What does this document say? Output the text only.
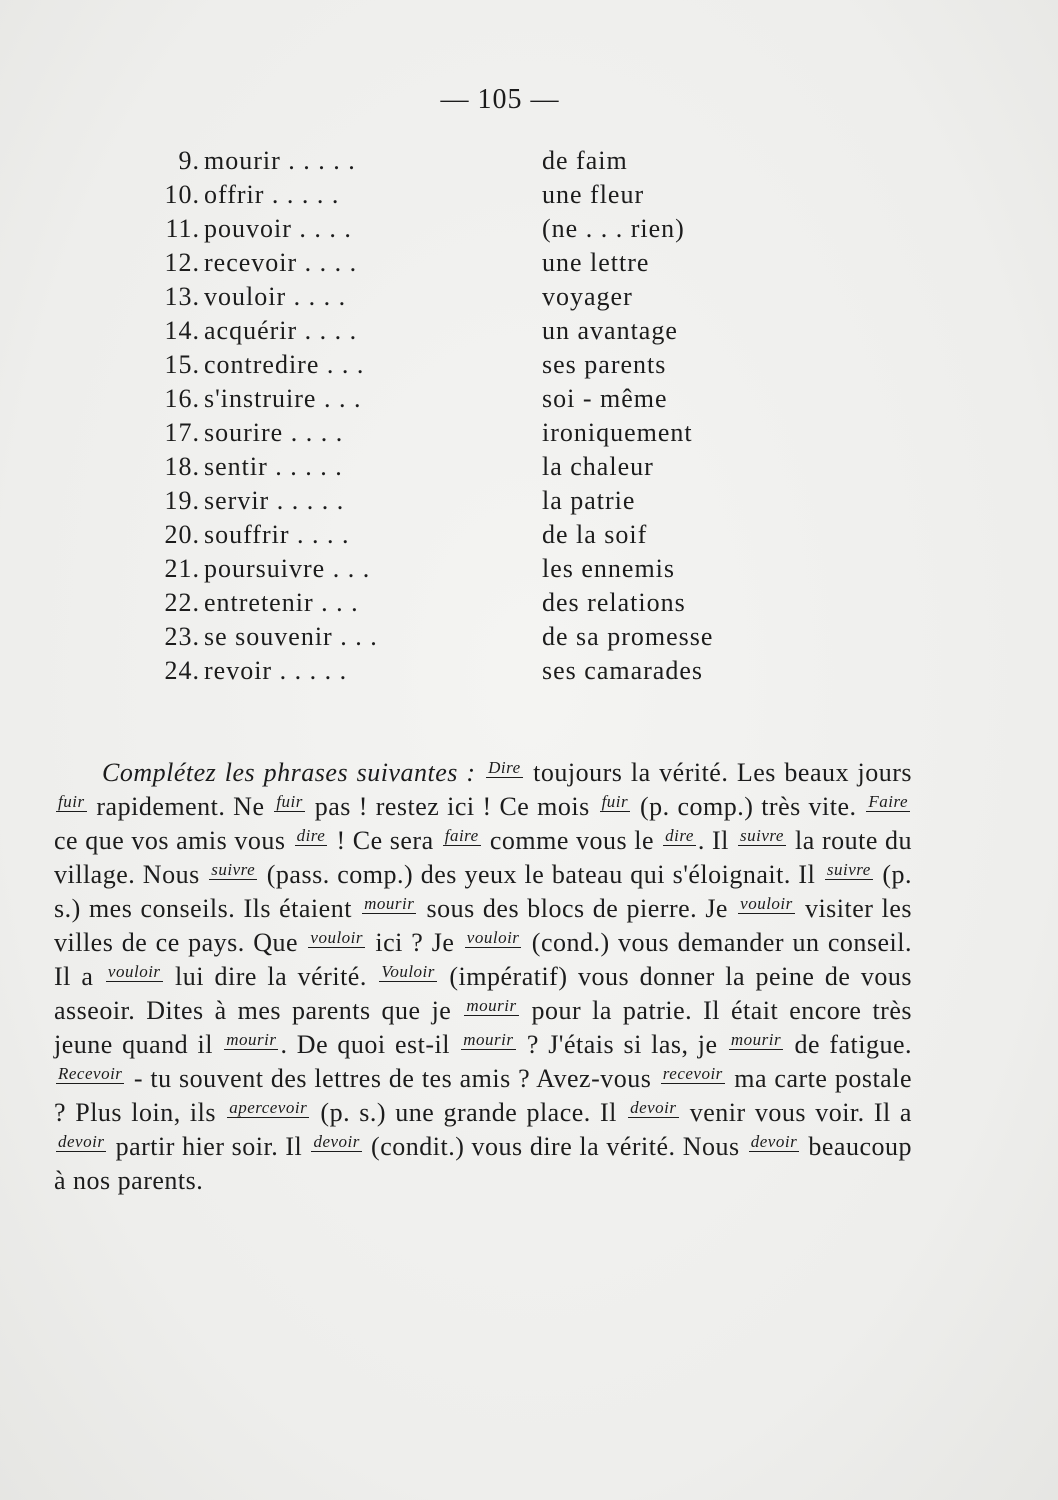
— 105 —
9. mourir . . . . .	de faim
10. offrir . . . . .	une fleur
11. pouvoir . . . .	(ne . . . rien)
12. recevoir . . . .	une lettre
13. vouloir . . . .	voyager
14. acquérir . . . .	un avantage
15. contredire . . .	ses parents
16. s'instruire . . .	soi - même
17. sourire . . . .	ironiquement
18. sentir . . . . .	la chaleur
19. servir . . . . .	la patrie
20. souffrir . . . .	de la soif
21. poursuivre . . .	les ennemis
22. entretenir . . .	des relations
23. se souvenir . . .	de sa promesse
24. revoir . . . . .	ses camarades
Complétez les phrases suivantes : Dire toujours la vérité. Les beaux jours fuir rapidement. Ne fuir pas ! restez ici ! Ce mois fuir (p. comp.) très vite. Faire ce que vos amis vous dire ! Ce sera faire comme vous le dire . Il suivre la route du village. Nous suivre (pass. comp.) des yeux le bateau qui s'éloignait. Il suivre (p. s.) mes conseils. Ils étaient mourir sous des blocs de pierre. Je vouloir visiter les villes de ce pays. Que vouloir ici ? Je vouloir (cond.) vous demander un conseil. Il a vouloir lui dire la vérité. Vouloir (impératif) vous donner la peine de vous asseoir. Dites à mes parents que je mourir pour la patrie. Il était encore très jeune quand il mourir . De quoi est-il mourir ? J'étais si las, je mourir de fatigue. Recevoir - tu souvent des lettres de tes amis ? Avez-vous recevoir ma carte postale ? Plus loin, ils apercevoir (p. s.) une grande place. Il devoir venir vous voir. Il a devoir partir hier soir. Il devoir (condit.) vous dire la vérité. Nous devoir beaucoup à nos parents.
